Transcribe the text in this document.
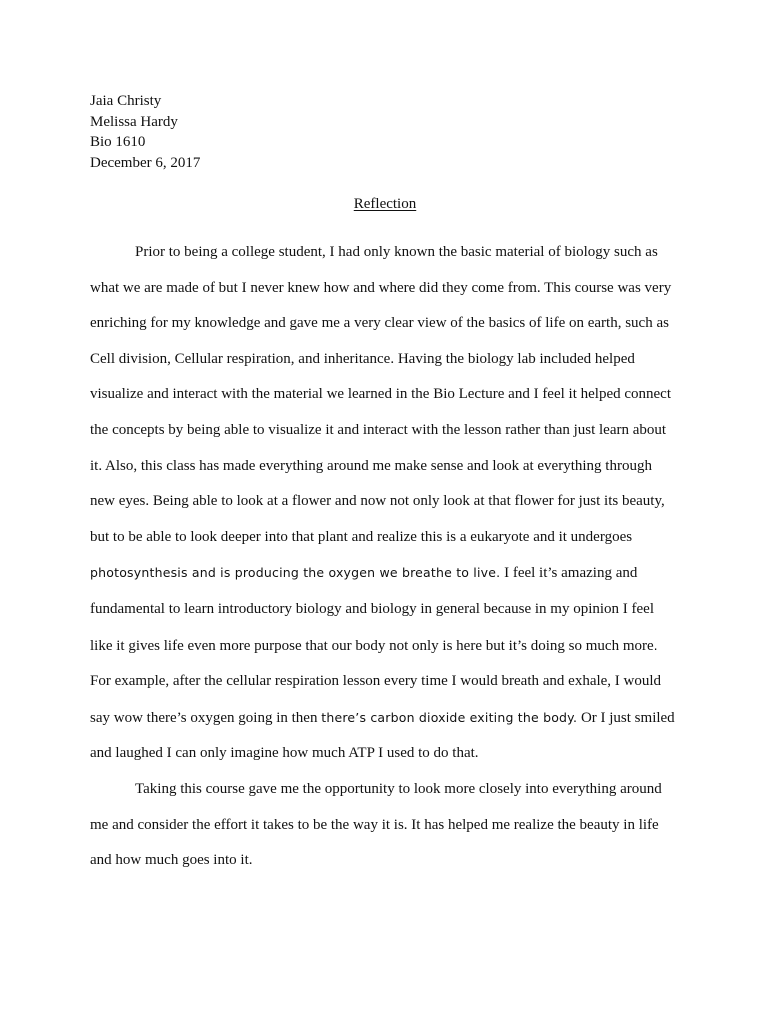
Jaia Christy
Melissa Hardy
Bio 1610
December 6, 2017
Reflection
Prior to being a college student, I had only known the basic material of biology such as
what we are made of but I never knew how and where did they come from. This course was very
enriching for my knowledge and gave me a very clear view of the basics of life on earth, such as
Cell division, Cellular respiration, and inheritance. Having the biology lab included helped
visualize and interact with the material we learned in the Bio Lecture and I feel it helped connect
the concepts by being able to visualize it and interact with the lesson rather than just learn about
it. Also, this class has made everything around me make sense and look at everything through
new eyes. Being able to look at a flower and now not only look at that flower for just its beauty,
but to be able to look deeper into that plant and realize this is a eukaryote and it undergoes
photosynthesis and is producing the oxygen we breathe to live. I feel it’s amazing and
fundamental to learn introductory biology and biology in general because in my opinion I feel
like it gives life even more purpose that our body not only is here but it’s doing so much more.
For example, after the cellular respiration lesson every time I would breath and exhale, I would
say wow there’s oxygen going in then there’s carbon dioxide exiting the body. Or I just smiled
and laughed I can only imagine how much ATP I used to do that.
Taking this course gave me the opportunity to look more closely into everything around
me and consider the effort it takes to be the way it is. It has helped me realize the beauty in life
and how much goes into it.
